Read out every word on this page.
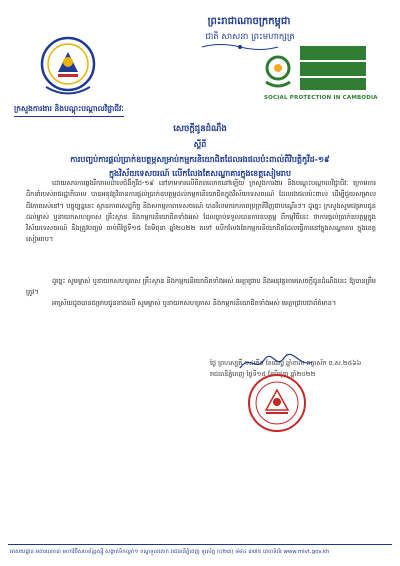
ព្រះរាជាណាចក្រកម្ពុជា
ជាតិ សាសនា ព្រះមហាក្សត្រ
SOCIAL PROTECTION IN CAMBODIA
ក្រសួងការងារ និងបណ្តុះបណ្តាលវិជ្ជាជីវៈ
សេចក្តីជូនដំណឹង
ស្តីពី
ការបញ្ចប់ការផ្តល់ប្រាក់ឧបត្ថម្ភសម្រាប់កម្មករនិយោជិតដែលរងផលប៉ះពាល់ពីវិបត្តិកូវីដ-១៩
ក្នុងវិស័យទេសចរណ៍ លើកលែងតែសណ្ឋាគារក្នុងខេត្តសៀមរាប
ដោយសារការឆ្លងរីករាលដាលជំងឺកូវីដ-១៩ នៅទាមទារលើពិភពលោកនៅឡើយ ក្រសួងការងារ និងបណ្តុះបណ្តាលវិជ្ជាជីវៈ ក្រោមការដឹកនាំរបស់រាជរដ្ឋាភិបាល បានអនុវត្តវិធានការផ្តល់ប្រាក់ឧបត្ថម្ភដល់កម្មករនិយោជិតក្នុងវិស័យទេសចរណ៍ ដែលរងផលប៉ះពាល់ ដើម្បីជួយសម្រាលជីវភាពរស់នៅ។ បច្ចុប្បន្ននេះ ស្ថានភាពសេដ្ឋកិច្ច និងសកម្មភាពទេសចរណ៍ បានវិលមករកភាពប្រក្រតីវិញជាបណ្តើរៗ។ ដូច្នេះ ក្រសួងសូមជម្រាបជូនដល់ម្ចាស់ ឬនាយកសហគ្រាស គ្រឹះស្ថាន និងកម្មករនិយោជិតទាំងអស់ ដែលធ្លាប់ទទួលបានការឧបត្ថម្ភ ពីកម្មវិធីនេះ ថាការផ្តល់ប្រាក់ឧបត្ថម្ភក្នុងវិស័យទេសចរណ៍ នឹងត្រូវបញ្ចប់ ចាប់ពីថ្ងៃទី១៥ ខែមិថុនា ឆ្នាំ២០២២ តទៅ លើកលែងតែកម្មករនិយោជិតដែលធ្វើការនៅក្នុងសណ្ឋាគារ ក្នុងខេត្តសៀមរាប។
ដូច្នេះ សូមម្ចាស់ ឬនាយកសហគ្រាស គ្រឹះស្ថាន និងកម្មករនិយោជិតទាំងអស់ មេត្តាជ្រាប និងអនុវត្តតាមសេចក្តីជូនដំណឹងនេះ ឱ្យបានត្រឹមត្រូវ។
អាស្រ័យដូចបានជម្រាបជូនខាងលើ សូមម្ចាស់ ឬនាយកសហគ្រាស និងកម្មករនិយោជិតទាំងអស់ មេត្តាជ្រាបជាព័ត៌មាន។
ថ្ងៃ ព្រហស្បតិ៍ ១៤កើត ខែជេស្ឋ ឆ្នាំខាល ចត្វាស័ក ព.ស.២៥៦៦
រាជធានីភ្នំពេញ ថ្ងៃទី១៥ ខែមិថុនា ឆ្នាំ២០២២
អាសយដ្ឋាន អគារលេខ៣ មហាវិថីសហព័ន្ធរុស្ស៊ី សង្កាត់ទឹកល្អក់១ ខណ្ឌទួលគោក រាជធានីភ្នំពេញ ទូរស័ព្ទ (០២៣) ៨៨៤ ៣៧៥ គេហទំព័រ www.mlvt.gov.kh
